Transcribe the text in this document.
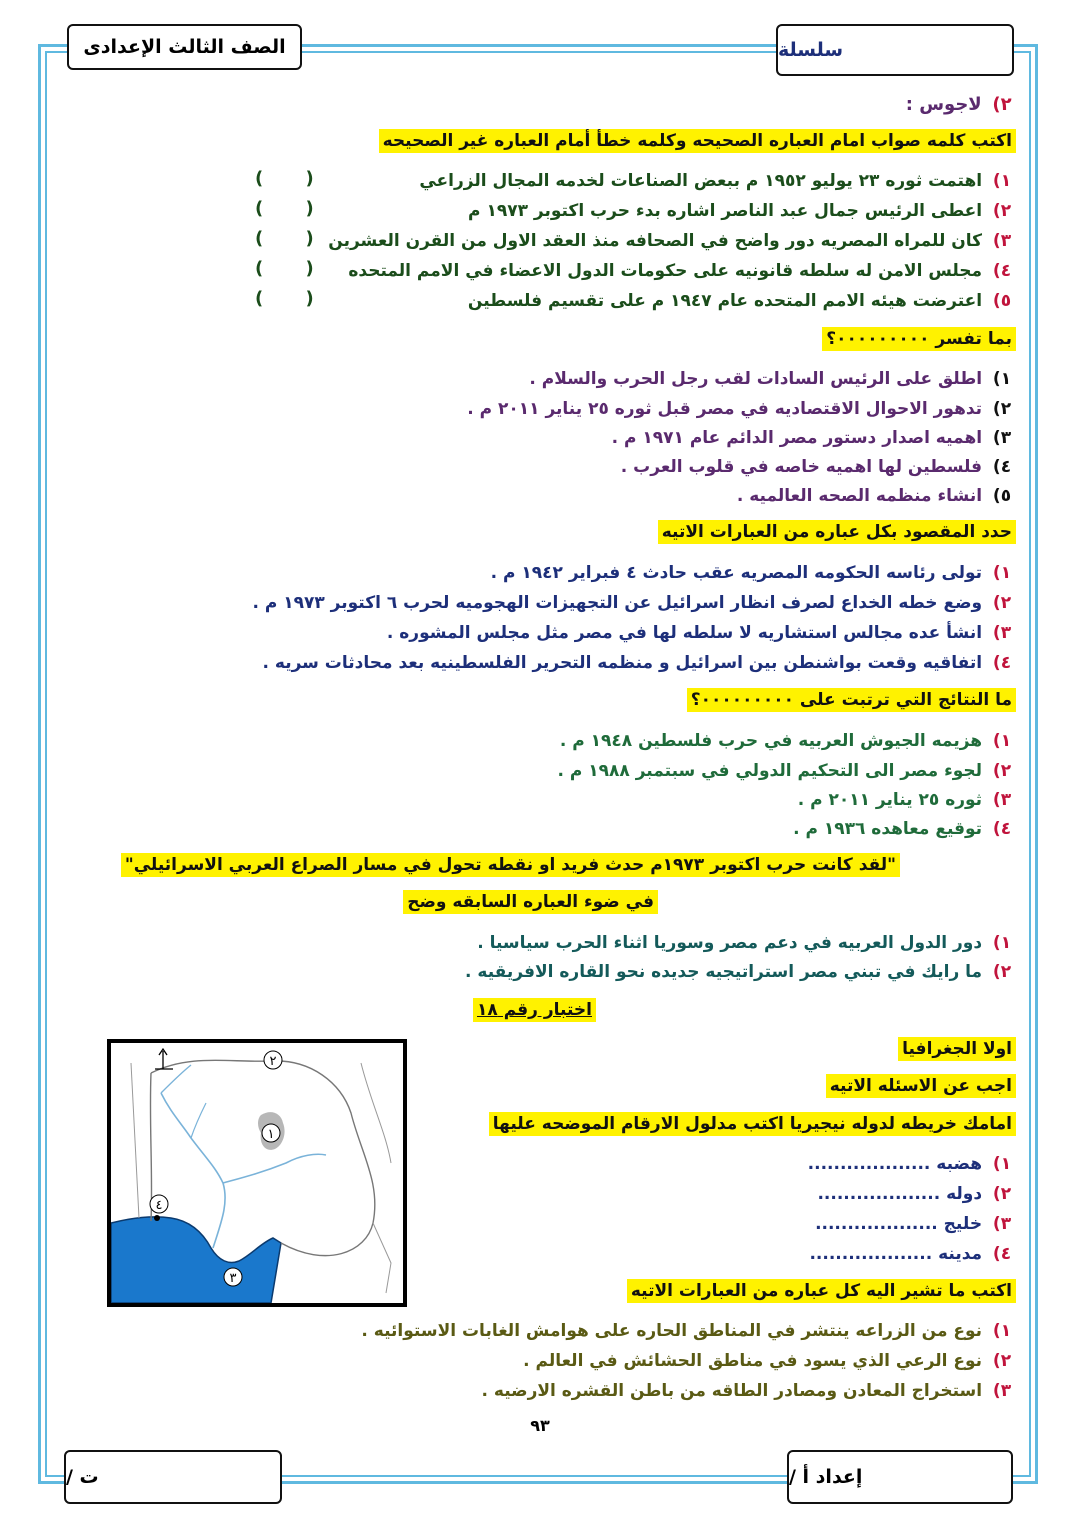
الصف الثالث الإعدادى	سلسلة
٢) لاجوس :
اكتب كلمه صواب امام العباره الصحيحه وكلمه خطأ أمام العباره غير الصحيحه
١) اهتمت ثوره ٢٣ يوليو ١٩٥٢ م ببعض الصناعات لخدمه المجال الزراعي
٢) اعطى الرئيس جمال عبد الناصر اشاره بدء حرب اكتوبر ١٩٧٣ م
٣) كان للمراه المصريه دور واضح في الصحافه منذ العقد الاول من القرن العشرين
٤) مجلس الامن له سلطه قانونيه على حكومات الدول الاعضاء في الامم المتحده
٥) اعترضت هيئه الامم المتحده عام ١٩٤٧ م على تقسيم فلسطين
( )
( )
( )
( )
( )
بما تفسر ٠٠٠٠٠٠٠٠٠؟
١) اطلق على الرئيس السادات لقب رجل الحرب والسلام .
٢) تدهور الاحوال الاقتصاديه في مصر قبل ثوره ٢٥ يناير ٢٠١١ م .
٣) اهميه اصدار دستور مصر الدائم عام ١٩٧١ م .
٤) فلسطين لها اهميه خاصه في قلوب العرب .
٥) انشاء منظمه الصحه العالميه .
حدد المقصود بكل عباره من العبارات الاتيه
١) تولى رئاسه الحكومه المصريه عقب حادث ٤ فبراير ١٩٤٢ م .
٢) وضع خطه الخداع لصرف انظار اسرائيل عن التجهيزات الهجوميه لحرب ٦ اكتوبر ١٩٧٣ م .
٣) انشأ عده مجالس استشاريه لا سلطه لها في مصر مثل مجلس المشوره .
٤) اتفاقيه وقعت بواشنطن بين اسرائيل و منظمه التحرير الفلسطينيه بعد محادثات سريه .
ما النتائج التي ترتبت على ٠٠٠٠٠٠٠٠٠؟
١) هزيمه الجيوش العربيه في حرب فلسطين ١٩٤٨ م .
٢) لجوء مصر الى التحكيم الدولي في سبتمبر ١٩٨٨ م .
٣) ثوره ٢٥ يناير ٢٠١١ م .
٤) توقيع معاهده ١٩٣٦ م .
"لقد كانت حرب اكتوبر ١٩٧٣م حدث فريد او نقطه تحول في مسار الصراع العربي الاسرائيلي"
في ضوء العباره السابقه وضح
١) دور الدول العربيه في دعم مصر وسوريا اثناء الحرب سياسيا .
٢) ما رايك في تبني مصر استراتيجيه جديده نحو القاره الافريقيه .
اختبار رقم ١٨
اولا الجغرافيا
اجب عن الاسئله الاتيه
امامك خريطه لدوله نيجيريا اكتب مدلول الارقام الموضحه عليها
١) هضبه ...................
٢) دوله ...................
٣) خليج ...................
٤) مدينه ...................
١
٢
٣
٤
اكتب ما تشير اليه كل عباره من العبارات الاتيه
١) نوع من الزراعه ينتشر في المناطق الحاره على هوامش الغابات الاستوائيه .
٢) نوع الرعي الذي يسود في مناطق الحشائش في العالم .
٣) استخراج المعادن ومصادر الطاقه من باطن القشره الارضيه .
٩٣
ت /	إعداد أ /
